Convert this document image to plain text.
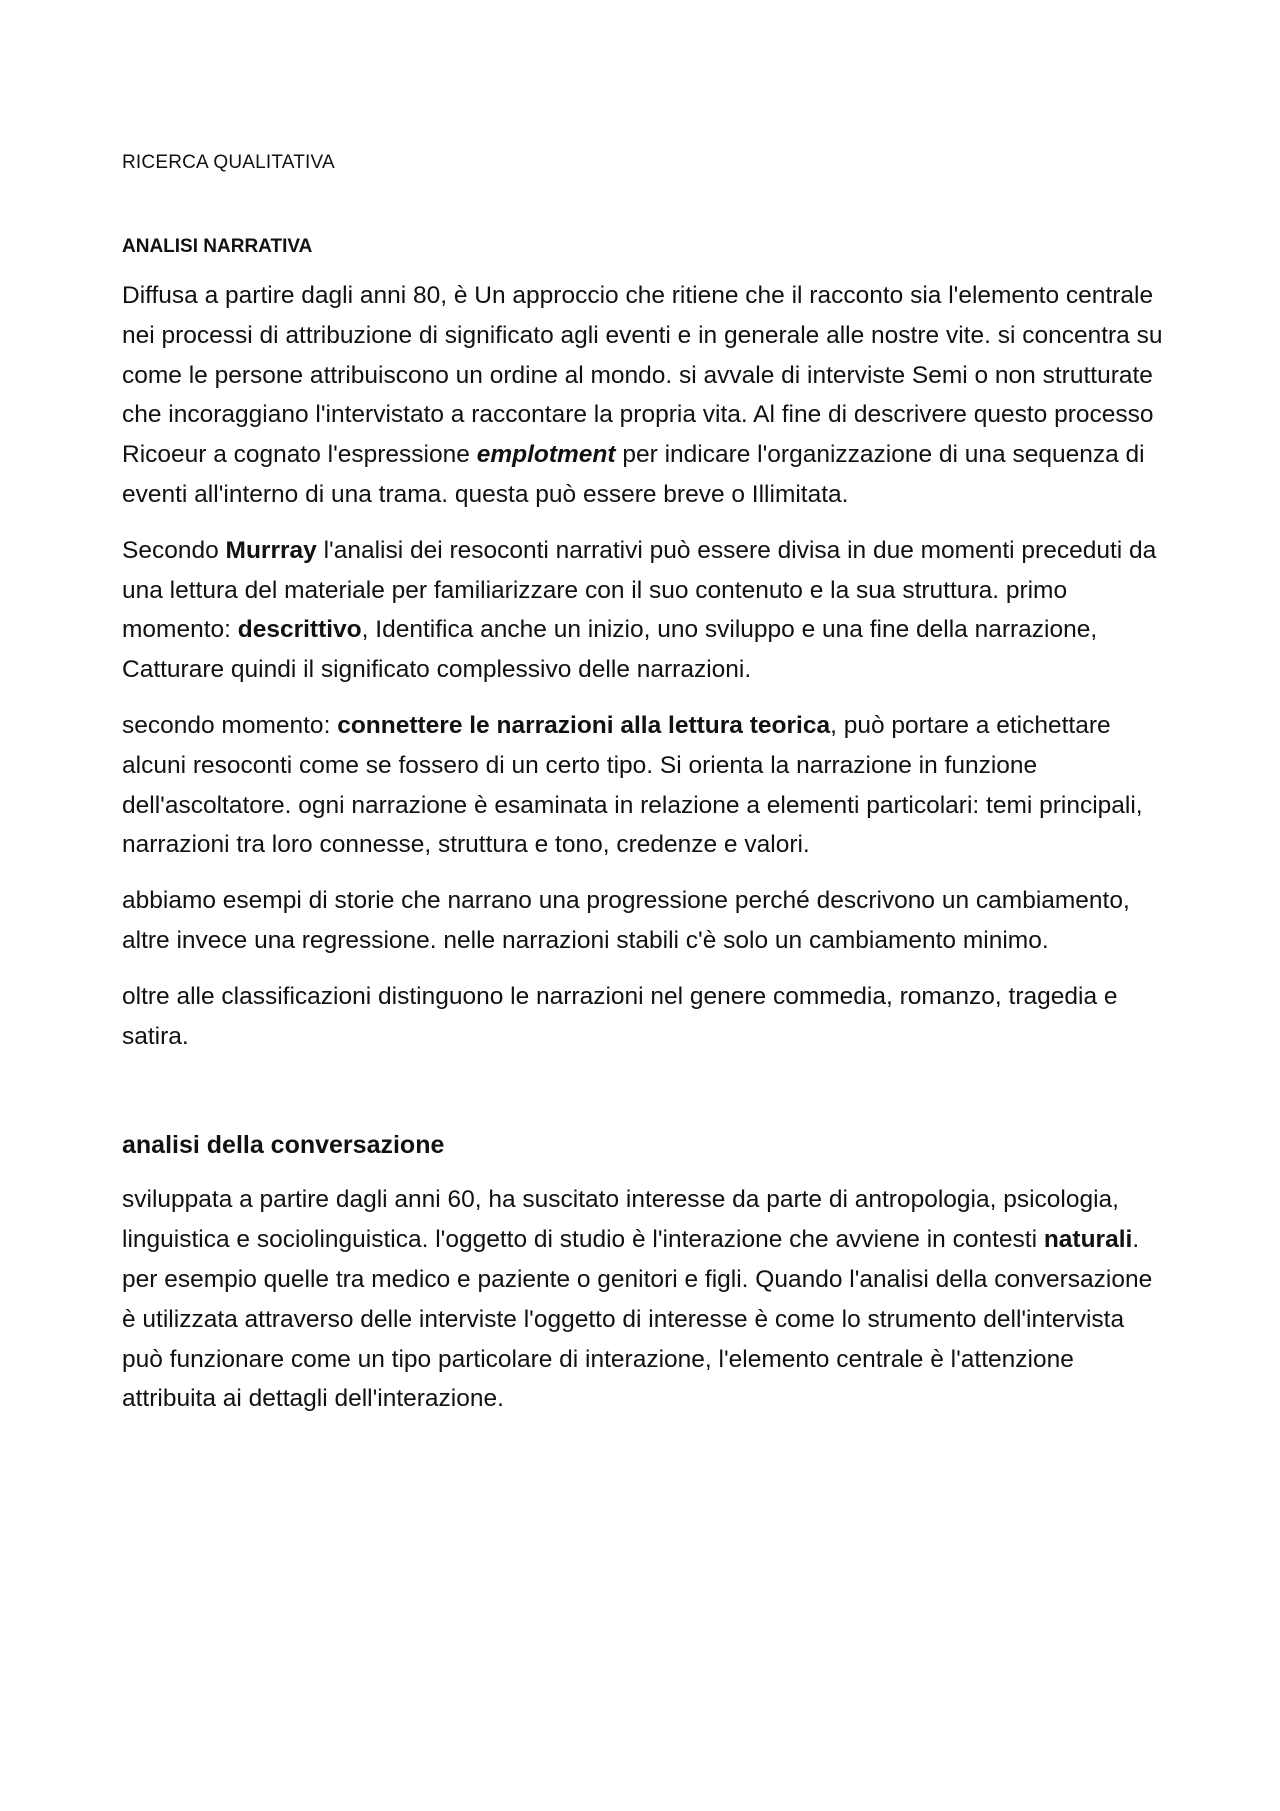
RICERCA QUALITATIVA
ANALISI NARRATIVA

Diffusa a partire dagli anni 80, è Un approccio che ritiene che il racconto sia l'elemento centrale nei processi di attribuzione di significato agli eventi e in generale alle nostre vite. si concentra su come le persone attribuiscono un ordine al mondo. si avvale di interviste Semi o non strutturate che incoraggiano l'intervistato a raccontare la propria vita. Al fine di descrivere questo processo Ricoeur a cognato l'espressione emplotment per indicare l'organizzazione di una sequenza di eventi all'interno di una trama. questa può essere breve o Illimitata.

Secondo Murrray l'analisi dei resoconti narrativi può essere divisa in due momenti preceduti da una lettura del materiale per familiarizzare con il suo contenuto e la sua struttura. primo momento: descrittivo, Identifica anche un inizio, uno sviluppo e una fine della narrazione, Catturare quindi il significato complessivo delle narrazioni.

secondo momento: connettere le narrazioni alla lettura teorica, può portare a etichettare alcuni resoconti come se fossero di un certo tipo. Si orienta la narrazione in funzione dell'ascoltatore. ogni narrazione è esaminata in relazione a elementi particolari: temi principali, narrazioni tra loro connesse, struttura e tono, credenze e valori.

abbiamo esempi di storie che narrano una progressione perché descrivono un cambiamento, altre invece una regressione. nelle narrazioni stabili c'è solo un cambiamento minimo.

oltre alle classificazioni distinguono le narrazioni nel genere commedia, romanzo, tragedia e satira.

analisi della conversazione

sviluppata a partire dagli anni 60, ha suscitato interesse da parte di antropologia, psicologia, linguistica e sociolinguistica. l'oggetto di studio è l'interazione che avviene in contesti naturali. per esempio quelle tra medico e paziente o genitori e figli. Quando l'analisi della conversazione è utilizzata attraverso delle interviste l'oggetto di interesse è come lo strumento dell'intervista può funzionare come un tipo particolare di interazione, l'elemento centrale è l'attenzione attribuita ai dettagli dell'interazione.
